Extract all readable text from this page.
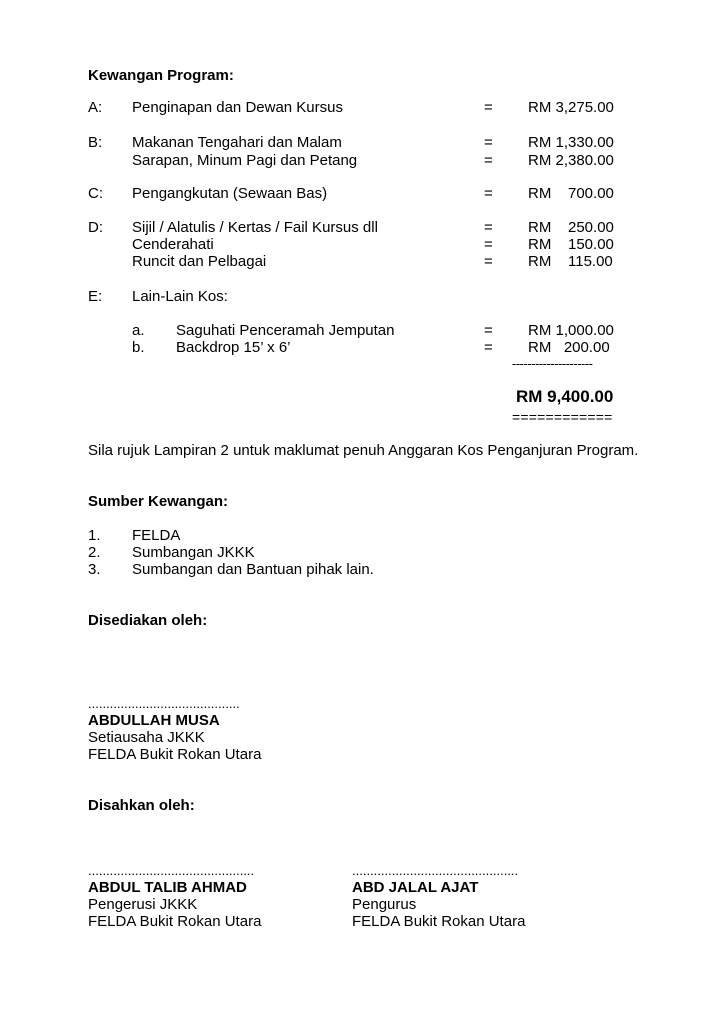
Kewangan Program:
A: Penginapan dan Dewan Kursus	= RM 3,275.00
B: Makanan Tengahari dan Malam	= RM 1,330.00
Sarapan, Minum Pagi dan Petang	= RM 2,380.00
C: Pengangkutan (Sewaan Bas)	= RM    700.00
D: Sijil / Alatulis / Kertas / Fail Kursus dll	= RM    250.00
Cenderahati	= RM    150.00
Runcit dan Pelbagai	= RM    115.00
E: Lain-Lain Kos:
a. Saguhati Penceramah Jemputan	= RM 1,000.00
b. Backdrop 15’ x 6’	= RM   200.00
---------------------
RM 9,400.00
============
Sila rujuk Lampiran 2 untuk maklumat penuh Anggaran Kos Penganjuran Program.
Sumber Kewangan:
1. FELDA
2. Sumbangan JKKK
3. Sumbangan dan Bantuan pihak lain.
Disediakan oleh:
..........................................
ABDULLAH MUSA
Setiausaha JKKK
FELDA Bukit Rokan Utara
Disahkan oleh:
..............................................
ABDUL TALIB AHMAD
Pengerusi JKKK
FELDA Bukit Rokan Utara
..............................................
ABD JALAL AJAT
Pengurus
FELDA Bukit Rokan Utara
